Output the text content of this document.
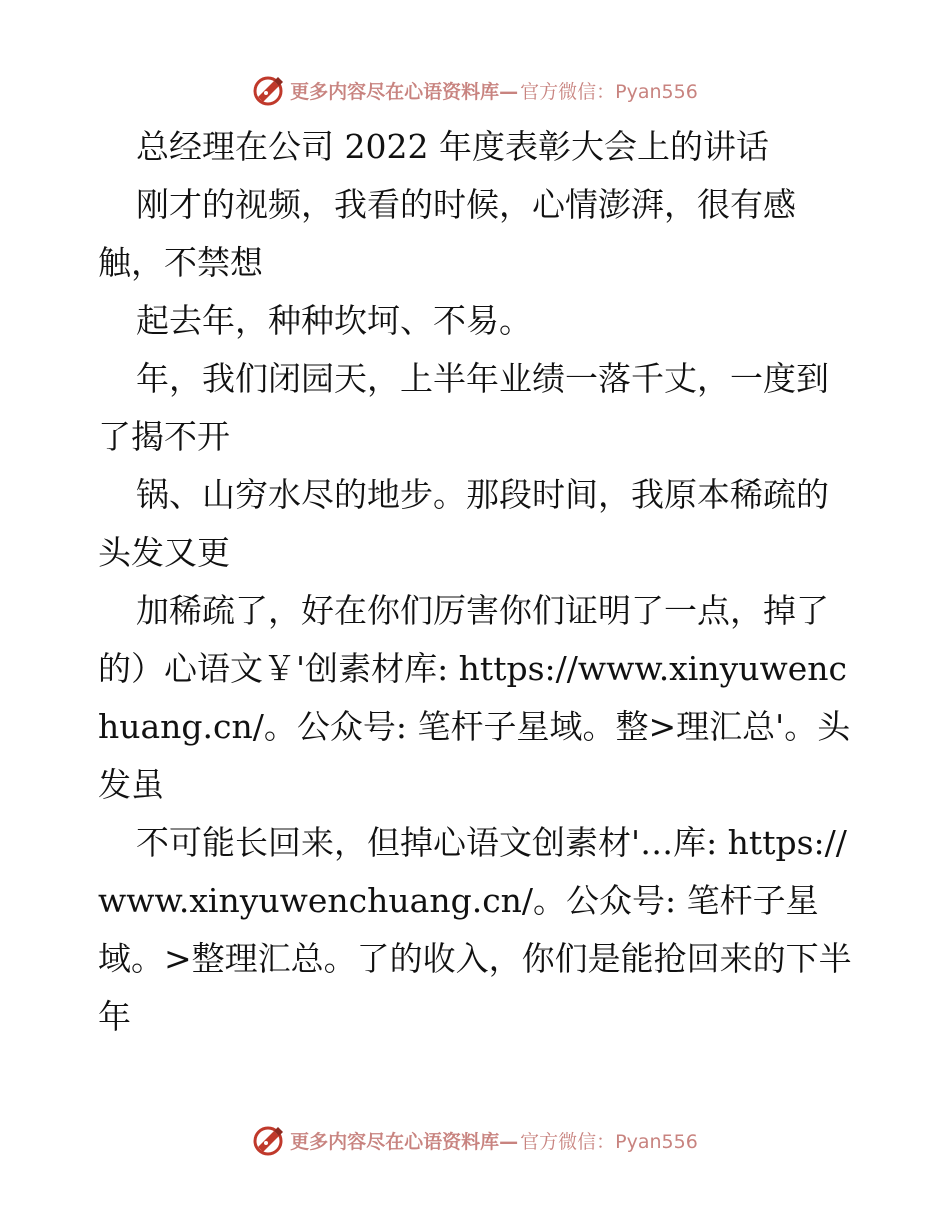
更多内容尽在心语资料库— 官方微信：Pyan556

总经理在公司 2022 年度表彰大会上的讲话

刚才的视频，我看的时候，心情澎湃，很有感触，不禁想

起去年，种种坎坷、不易。

年，我们闭园天，上半年业绩一落千丈，一度到了揭不开

锅、山穷水尽的地步。那段时间，我原本稀疏的头发又更

加稀疏了，好在你们厉害你们证明了一点，掉了的）心语文￥'创素材库: https://www.xinyuwenchuang.cn/。公众号: 笔杆子星域。整>理汇总'。头发虽

不可能长回来，但掉心语文创素材'…库: https://www.xinyuwenchuang.cn/。公众号: 笔杆子星域。>整理汇总。了的收入，你们是能抢回来的下半年

更多内容尽在心语资料库— 官方微信：Pyan556
